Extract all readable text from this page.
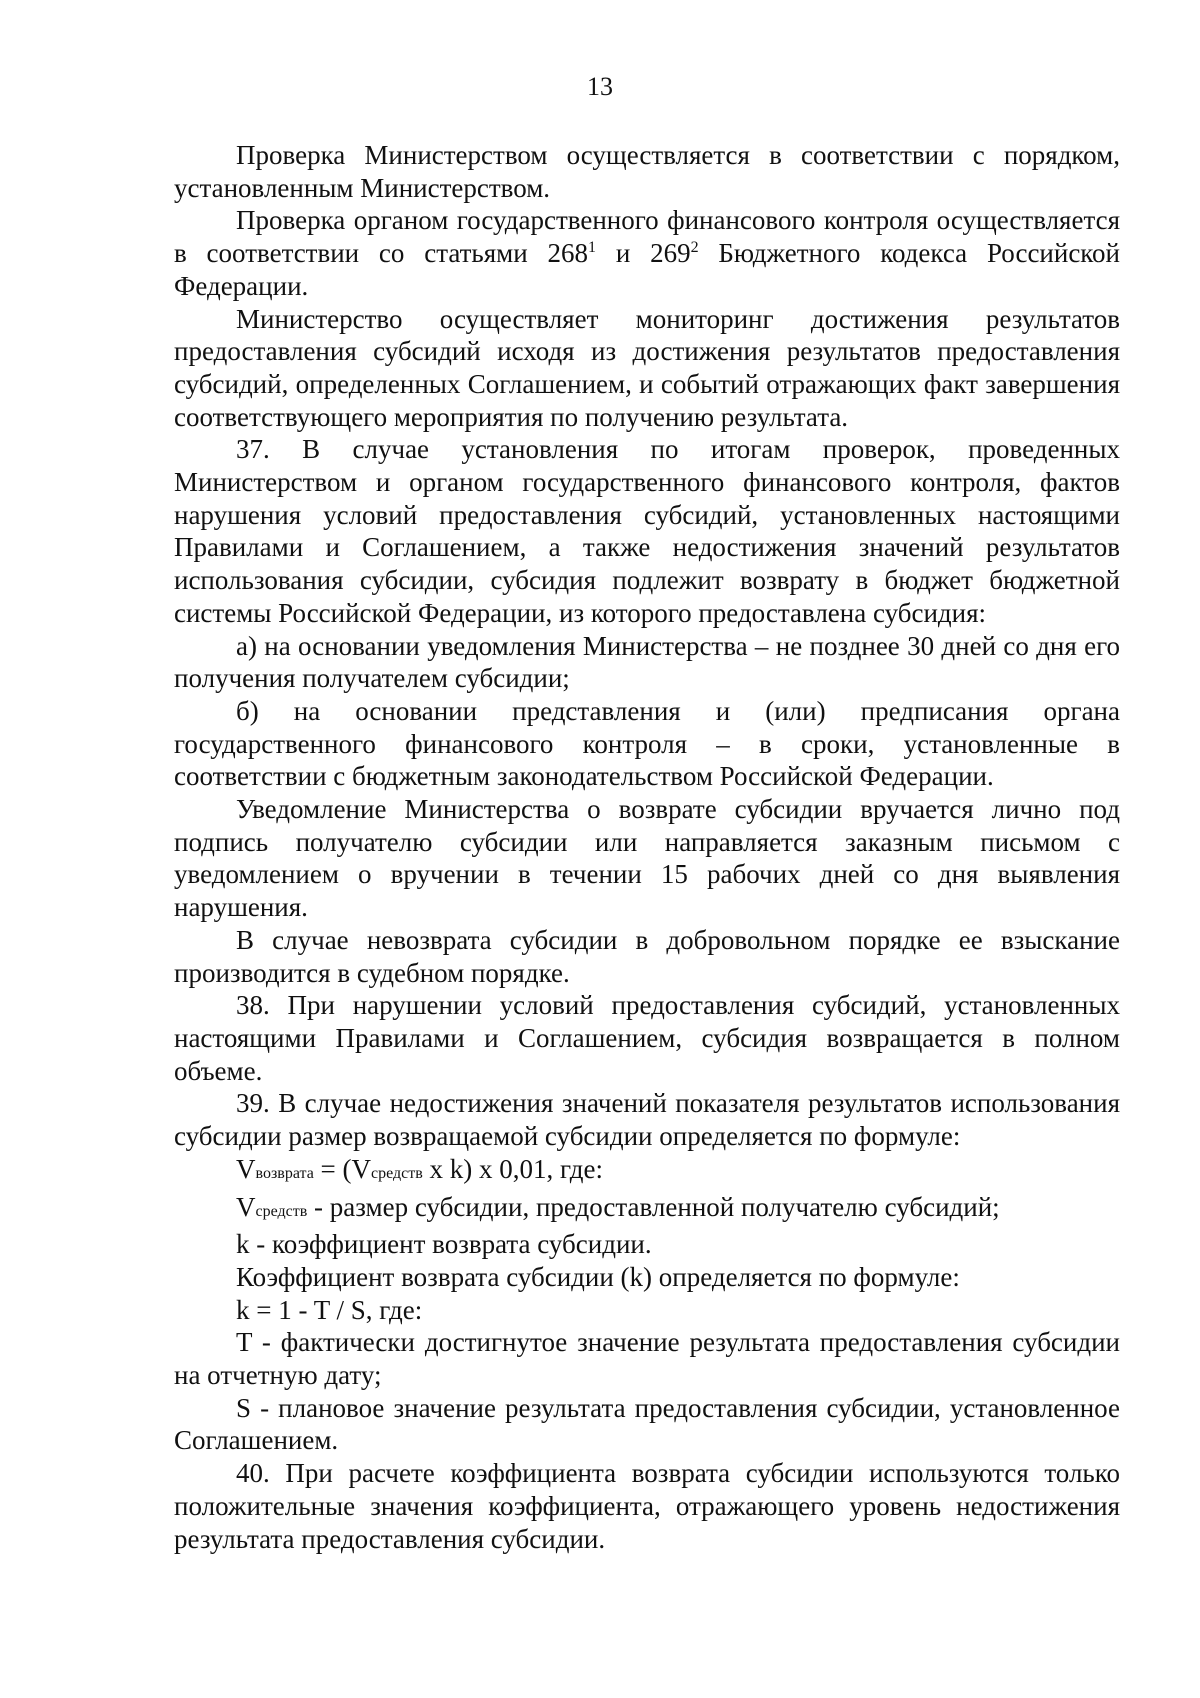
13

Проверка Министерством осуществляется в соответствии с порядком, установленным Министерством.

Проверка органом государственного финансового контроля осуществляется в соответствии со статьями $268^1$ и $269^2$ Бюджетного кодекса Российской Федерации.

Министерство осуществляет мониторинг достижения результатов предоставления субсидий исходя из достижения результатов предоставления субсидий, определенных Соглашением, и событий отражающих факт завершения соответствующего мероприятия по получению результата.

37. В случае установления по итогам проверок, проведенных Министерством и органом государственного финансового контроля, фактов нарушения условий предоставления субсидий, установленных настоящими Правилами и Соглашением, а также недостижения значений результатов использования субсидии, субсидия подлежит возврату в бюджет бюджетной системы Российской Федерации, из которого предоставлена субсидия:

а) на основании уведомления Министерства – не позднее 30 дней со дня его получения получателем субсидии;

б) на основании представления и (или) предписания органа государственного финансового контроля – в сроки, установленные в соответствии с бюджетным законодательством Российской Федерации.

Уведомление Министерства о возврате субсидии вручается лично под подпись получателю субсидии или направляется заказным письмом с уведомлением о вручении в течении 15 рабочих дней со дня выявления нарушения.

В случае невозврата субсидии в добровольном порядке ее взыскание производится в судебном порядке.

38. При нарушении условий предоставления субсидий, установленных настоящими Правилами и Соглашением, субсидия возвращается в полном объеме.

39. В случае недостижения значений показателя результатов использования субсидии размер возвращаемой субсидии определяется по формуле:

Vвозврата = (Vсредств x k) x 0,01, где:

Vсредств - размер субсидии, предоставленной получателю субсидий;

k - коэффициент возврата субсидии.

Коэффициент возврата субсидии (k) определяется по формуле:

k = 1 - T / S, где:

T - фактически достигнутое значение результата предоставления субсидии на отчетную дату;

S - плановое значение результата предоставления субсидии, установленное Соглашением.

40. При расчете коэффициента возврата субсидии используются только положительные значения коэффициента, отражающего уровень недостижения результата предоставления субсидии.
